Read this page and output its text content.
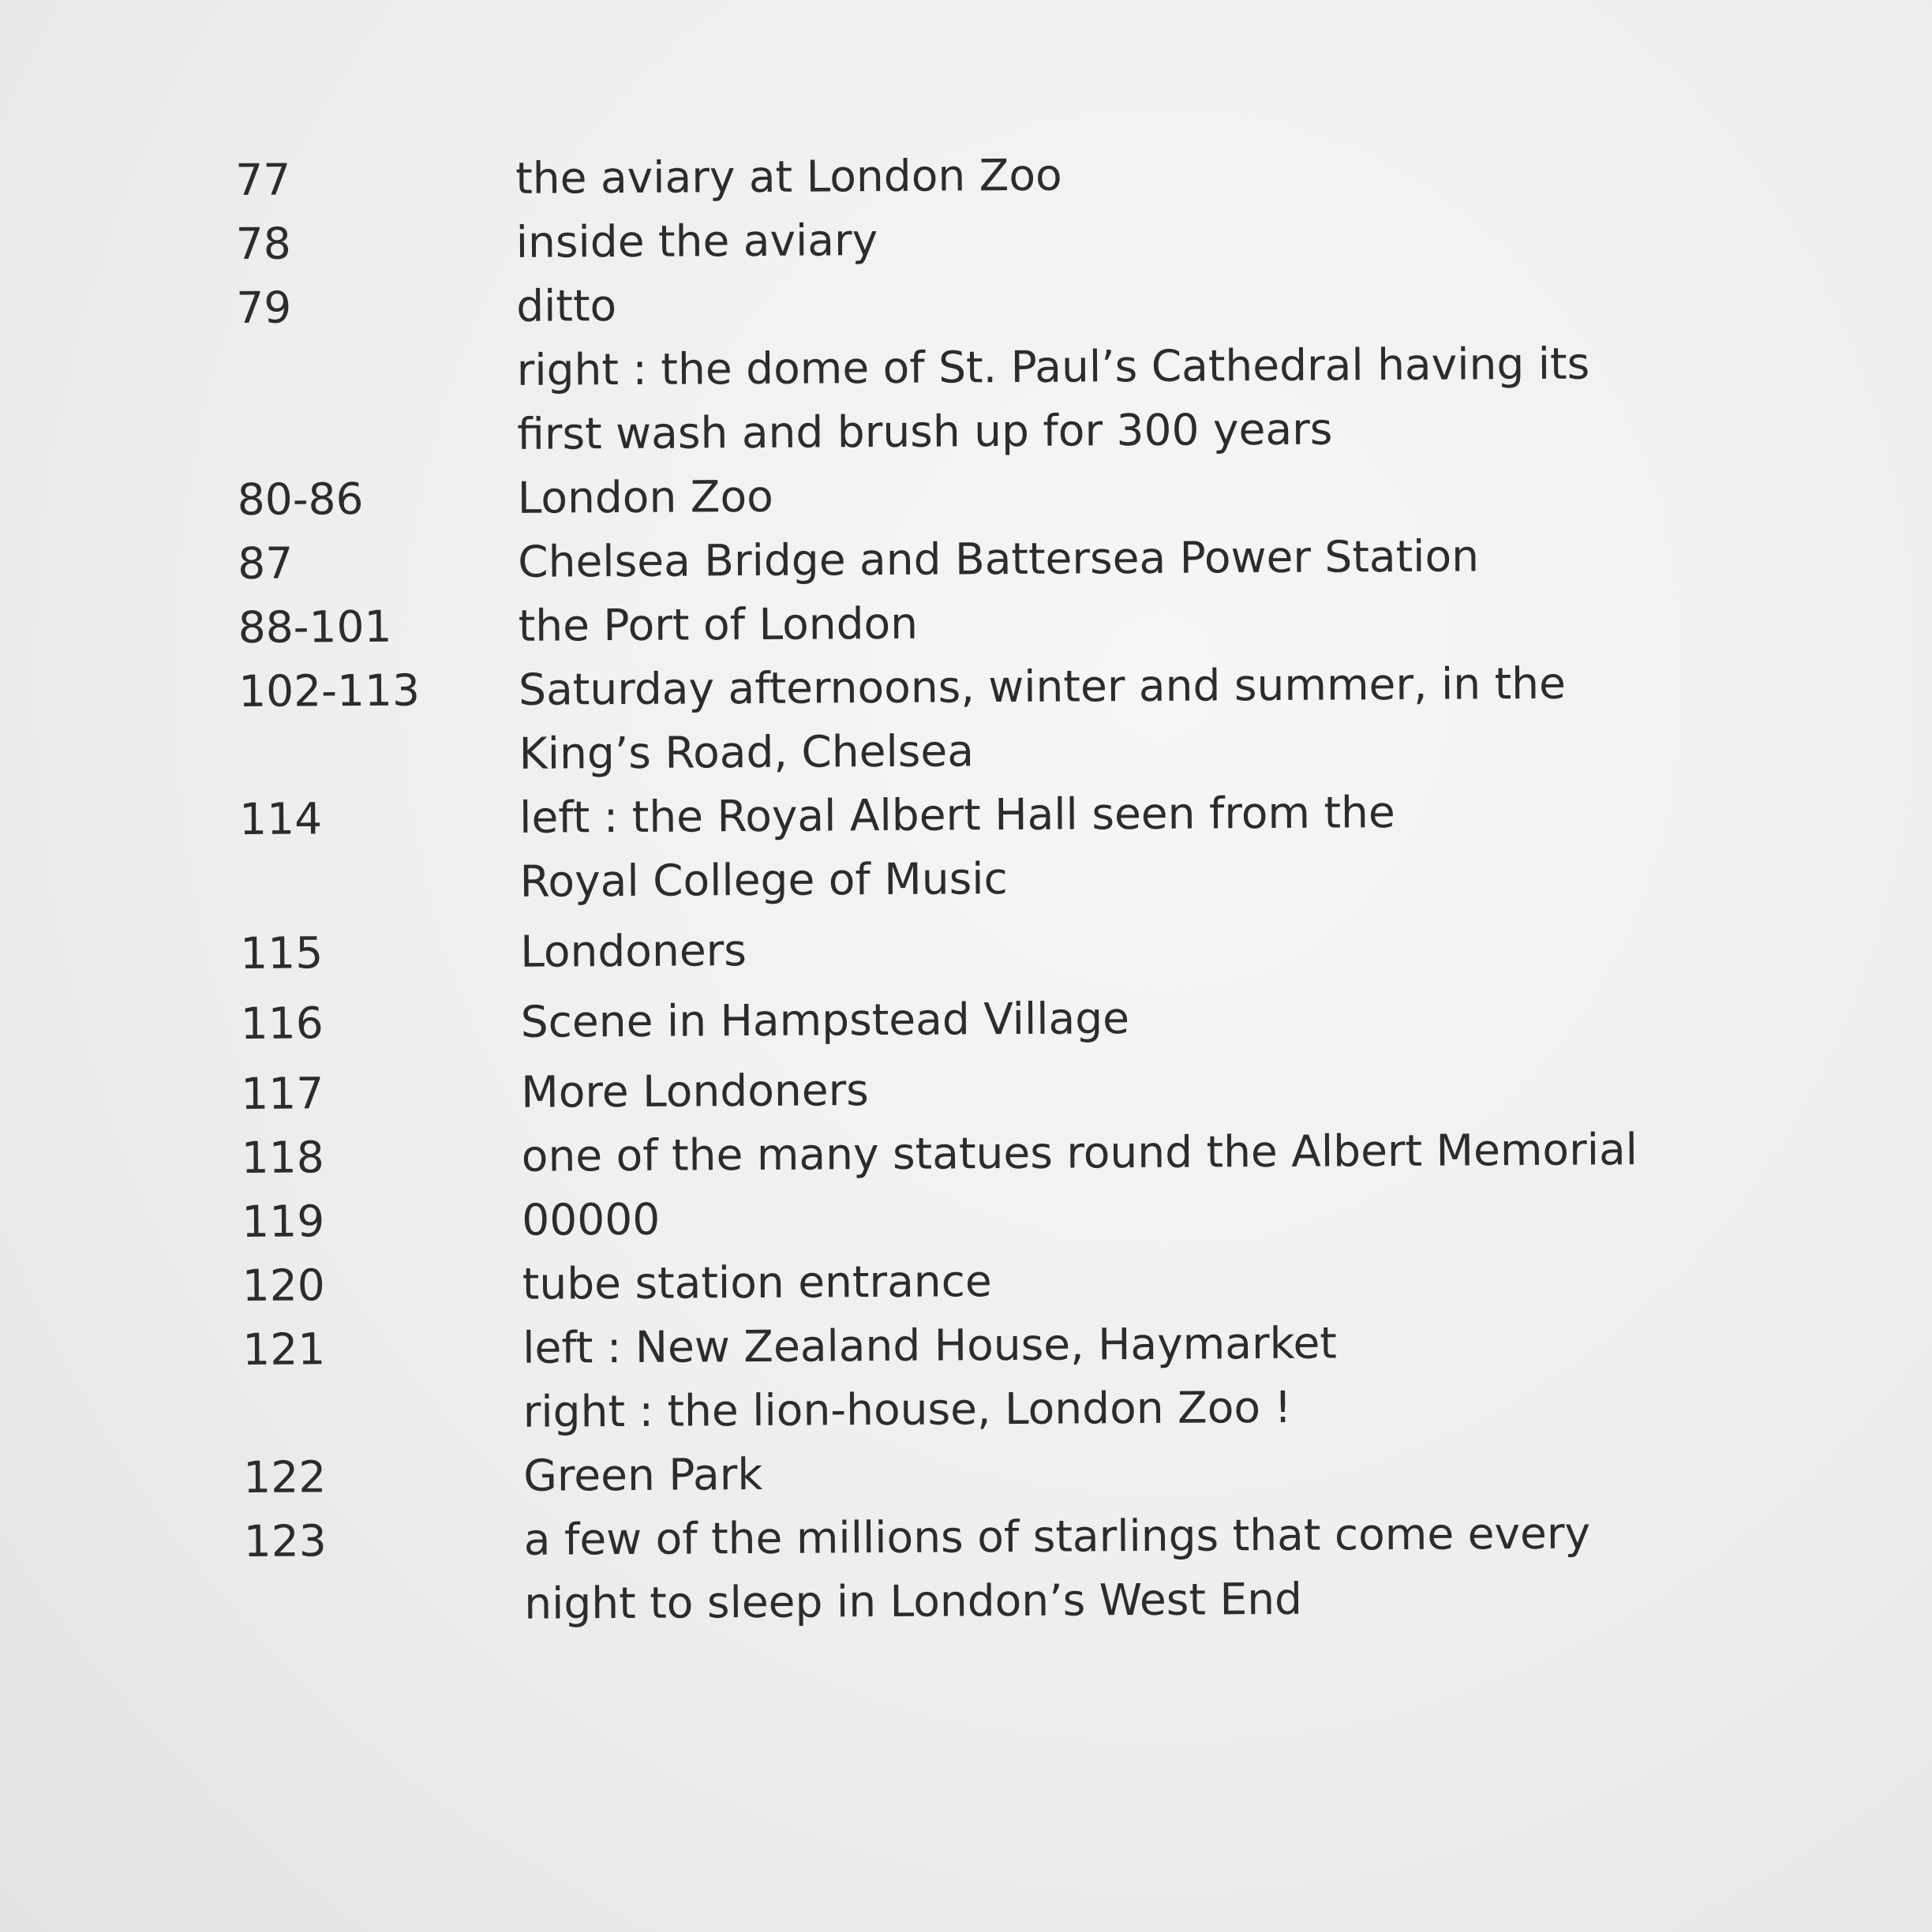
77	the aviary at London Zoo
78	inside the aviary
79	ditto
right : the dome of St. Paul’s Cathedral having its
first wash and brush up for 300 years
80-86	London Zoo
87	Chelsea Bridge and Battersea Power Station
88-101	the Port of London
102-113	Saturday afternoons, winter and summer, in the
King’s Road, Chelsea
114	left : the Royal Albert Hall seen from the
Royal College of Music
115	Londoners
116	Scene in Hampstead Village
117	More Londoners
118	one of the many statues round the Albert Memorial
119	00000
120	tube station entrance
121	left : New Zealand House, Haymarket
right : the lion-house, London Zoo !
122	Green Park
123	a few of the millions of starlings that come every
night to sleep in London’s West End
